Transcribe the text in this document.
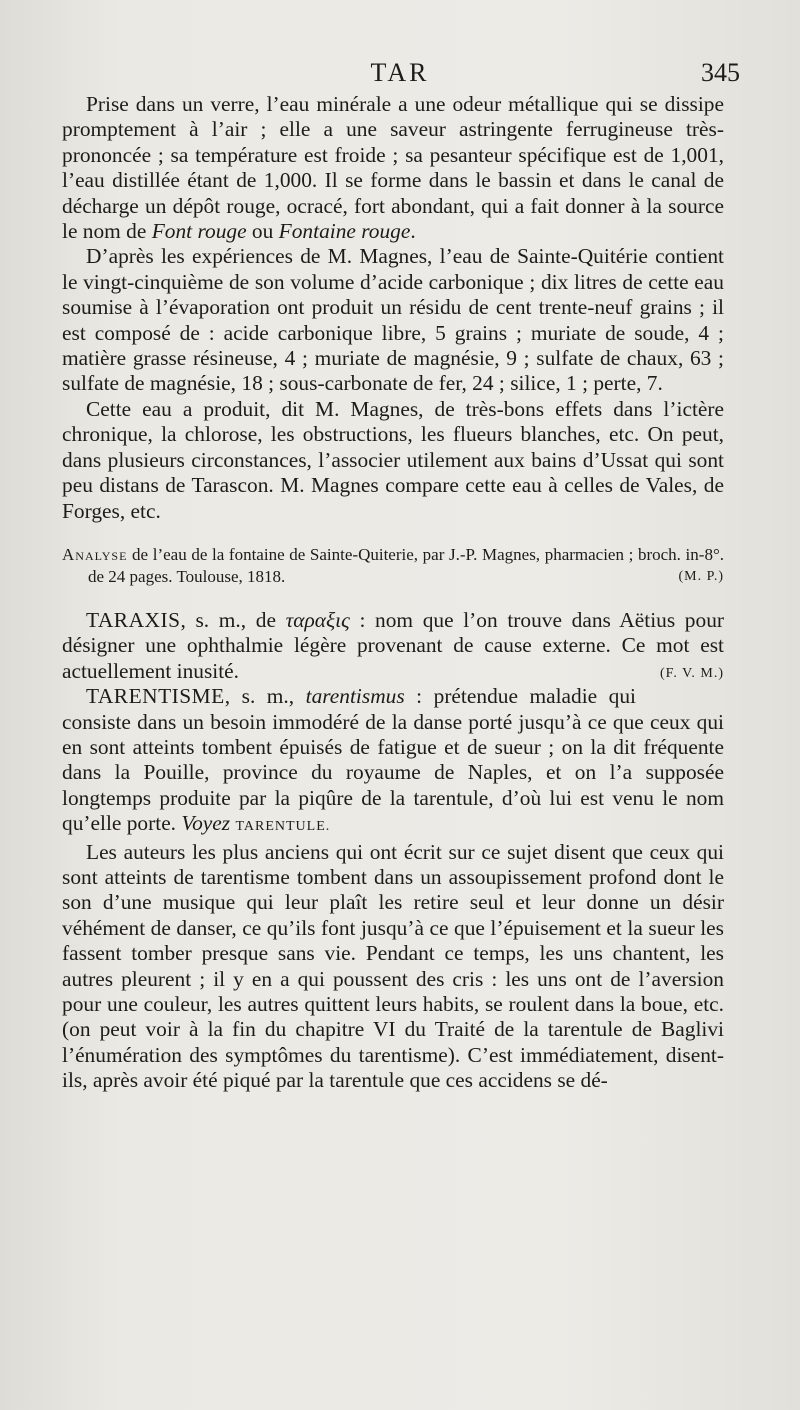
TAR	345

Prise dans un verre, l’eau minérale a une odeur métallique qui se dissipe promptement à l’air ; elle a une saveur astringente ferrugineuse très-prononcée ; sa température est froide ; sa pesanteur spécifique est de 1,001, l’eau distillée étant de 1,000. Il se forme dans le bassin et dans le canal de décharge un dépôt rouge, ocracé, fort abondant, qui a fait donner à la source le nom de Font rouge ou Fontaine rouge.

D’après les expériences de M. Magnes, l’eau de Sainte-Quitérie contient le vingt-cinquième de son volume d’acide carbonique ; dix litres de cette eau soumise à l’évaporation ont produit un résidu de cent trente-neuf grains ; il est composé de : acide carbonique libre, 5 grains ; muriate de soude, 4 ; matière grasse résineuse, 4 ; muriate de magnésie, 9 ; sulfate de chaux, 63 ; sulfate de magnésie, 18 ; sous-carbonate de fer, 24 ; silice, 1 ; perte, 7.

Cette eau a produit, dit M. Magnes, de très-bons effets dans l’ictère chronique, la chlorose, les obstructions, les flueurs blanches, etc. On peut, dans plusieurs circonstances, l’associer utilement aux bains d’Ussat qui sont peu distans de Tarascon. M. Magnes compare cette eau à celles de Vales, de Forges, etc.

Analyse de l’eau de la fontaine de Sainte-Quiterie, par J.-P. Magnes, pharmacien ; broch. in-8°. de 24 pages. Toulouse, 1818.	(M. P.)

TARAXIS, s. m., de ταραξις : nom que l’on trouve dans Aëtius pour désigner une ophthalmie légère provenant de cause externe. Ce mot est actuellement inusité.	(F. V. M.)

TARENTISME, s. m., tarentismus : prétendue maladie qui consiste dans un besoin immodéré de la danse porté jusqu’à ce que ceux qui en sont atteints tombent épuisés de fatigue et de sueur ; on la dit fréquente dans la Pouille, province du royaume de Naples, et on l’a supposée longtemps produite par la piqûre de la tarentule, d’où lui est venu le nom qu’elle porte. Voyez TARENTULE.

Les auteurs les plus anciens qui ont écrit sur ce sujet disent que ceux qui sont atteints de tarentisme tombent dans un assoupissement profond dont le son d’une musique qui leur plaît les retire seul et leur donne un désir véhément de danser, ce qu’ils font jusqu’à ce que l’épuisement et la sueur les fassent tomber presque sans vie. Pendant ce temps, les uns chantent, les autres pleurent ; il y en a qui poussent des cris : les uns ont de l’aversion pour une couleur, les autres quittent leurs habits, se roulent dans la boue, etc. (on peut voir à la fin du chapitre VI du Traité de la tarentule de Baglivi l’énumération des symptômes du tarentisme). C’est immédiatement, disent-ils, après avoir été piqué par la tarentule que ces accidens se dé-
